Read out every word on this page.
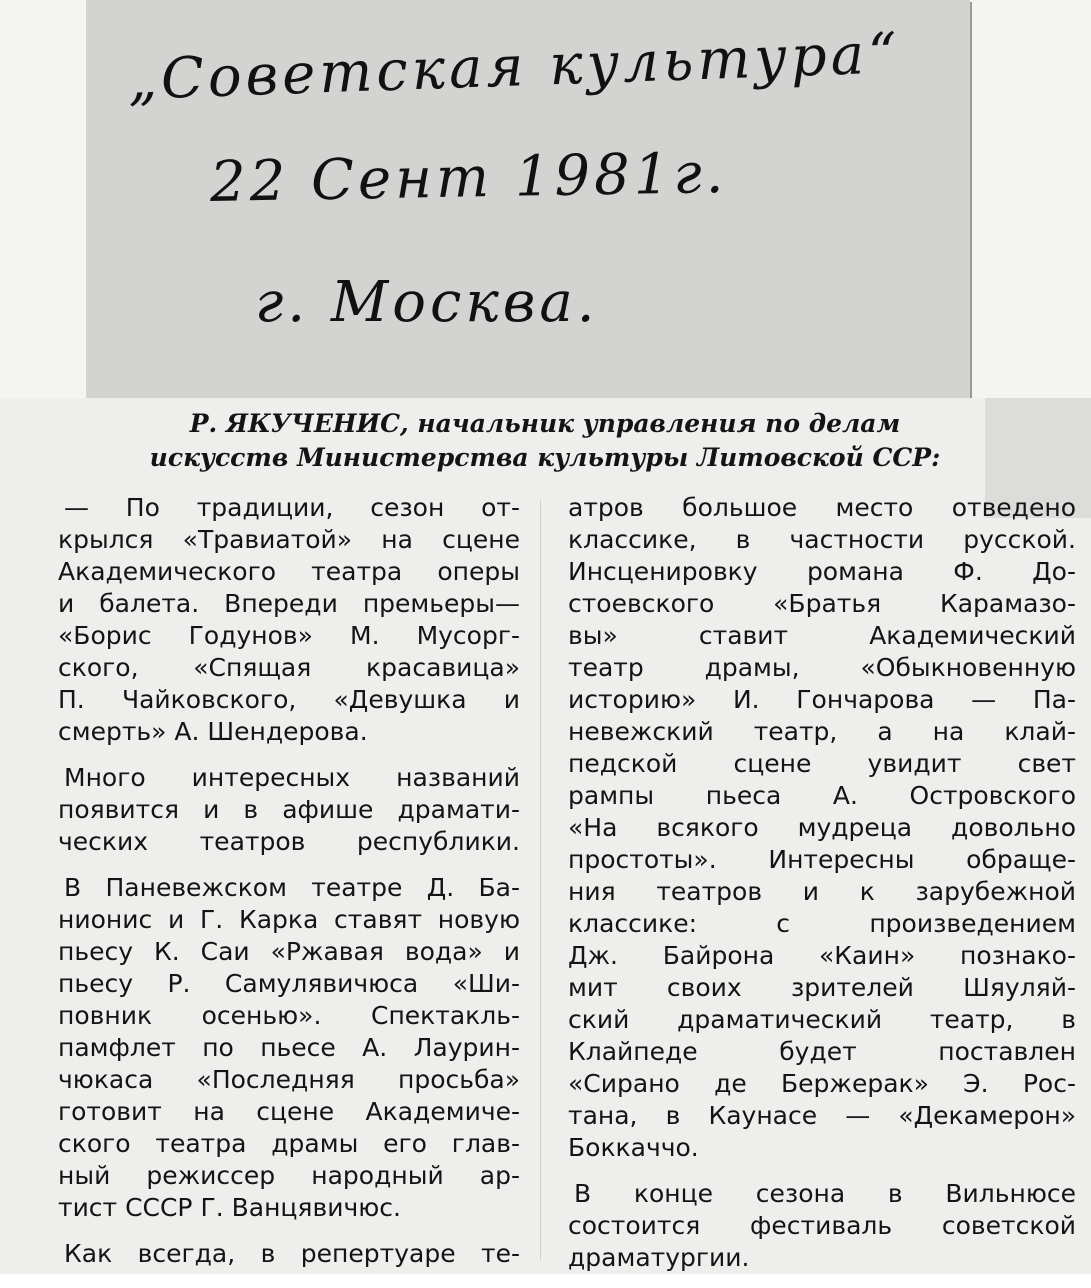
„Советская культура“
22 Сент 1981г.
г. Москва.
Р. ЯКУЧЕНИС, начальник управления по делам
искусств Министерства культуры Литовской ССР:

— По традиции, сезон от-
крылся «Травиатой» на сцене
Академического театра оперы
и балета. Впереди премьеры—
«Борис Годунов» М. Мусорг-
ского, «Спящая красавица»
П. Чайковского, «Девушка и
смерть» А. Шендерова.

Много интересных названий
появится и в афише драмати-
ческих театров республики.

В Паневежском театре Д. Ба-
нионис и Г. Карка ставят новую
пьесу К. Саи «Ржавая вода» и
пьесу Р. Самулявичюса «Ши-
повник осенью». Спектакль-
памфлет по пьесе А. Лаурин-
чюкаса «Последняя просьба»
готовит на сцене Академиче-
ского театра драмы его глав-
ный режиссер народный ар-
тист СССР Г. Ванцявичюс.

Как всегда, в репертуаре те-

атров большое место отведено
классике, в частности русской.
Инсценировку романа Ф. До-
стоевского «Братья Карамазо-
вы» ставит Академический
театр драмы, «Обыкновенную
историю» И. Гончарова — Па-
невежский театр, а на клай-
педской сцене увидит свет
рампы пьеса А. Островского
«На всякого мудреца довольно
простоты». Интересны обраще-
ния театров и к зарубежной
классике: с произведением
Дж. Байрона «Каин» познако-
мит своих зрителей Шяуляй-
ский драматический театр, в
Клайпеде будет поставлен
«Сирано де Бержерак» Э. Рос-
тана, в Каунасе — «Декамерон»
Боккаччо.

В конце сезона в Вильнюсе
состоится фестиваль советской
драматургии.
